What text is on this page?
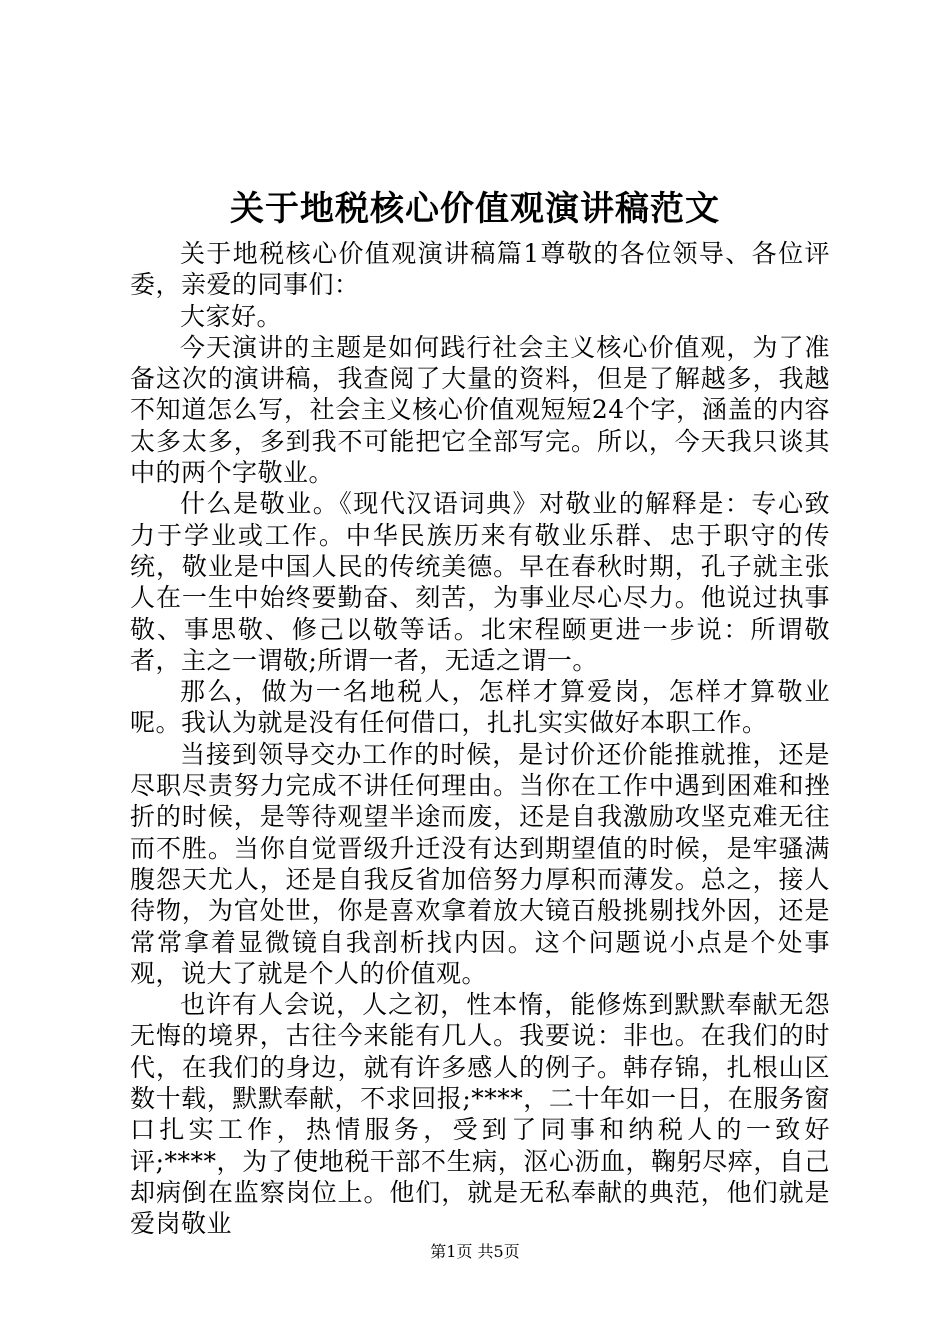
关于地税核心价值观演讲稿范文

关于地税核心价值观演讲稿篇1尊敬的各位领导、各位评委，亲爱的同事们：

大家好。

今天演讲的主题是如何践行社会主义核心价值观，为了准备这次的演讲稿，我查阅了大量的资料，但是了解越多，我越不知道怎么写，社会主义核心价值观短短24个字，涵盖的内容太多太多，多到我不可能把它全部写完。所以，今天我只谈其中的两个字敬业。

什么是敬业。《现代汉语词典》对敬业的解释是：专心致力于学业或工作。中华民族历来有敬业乐群、忠于职守的传统，敬业是中国人民的传统美德。早在春秋时期，孔子就主张人在一生中始终要勤奋、刻苦，为事业尽心尽力。他说过执事敬、事思敬、修己以敬等话。北宋程颐更进一步说：所谓敬者，主之一谓敬;所谓一者，无适之谓一。

那么，做为一名地税人，怎样才算爱岗，怎样才算敬业呢。我认为就是没有任何借口，扎扎实实做好本职工作。

当接到领导交办工作的时候，是讨价还价能推就推，还是尽职尽责努力完成不讲任何理由。当你在工作中遇到困难和挫折的时候，是等待观望半途而废，还是自我激励攻坚克难无往而不胜。当你自觉晋级升迁没有达到期望值的时候，是牢骚满腹怨天尤人，还是自我反省加倍努力厚积而薄发。总之，接人待物，为官处世，你是喜欢拿着放大镜百般挑剔找外因，还是常常拿着显微镜自我剖析找内因。这个问题说小点是个处事观，说大了就是个人的价值观。

也许有人会说，人之初，性本惰，能修炼到默默奉献无怨无悔的境界，古往今来能有几人。我要说：非也。在我们的时代，在我们的身边，就有许多感人的例子。韩存锦，扎根山区数十载，默默奉献，不求回报;****，二十年如一日，在服务窗口扎实工作，热情服务，受到了同事和纳税人的一致好评;****，为了使地税干部不生病，沤心沥血，鞠躬尽瘁，自己却病倒在监察岗位上。他们，就是无私奉献的典范，他们就是爱岗敬业

第1页 共5页
